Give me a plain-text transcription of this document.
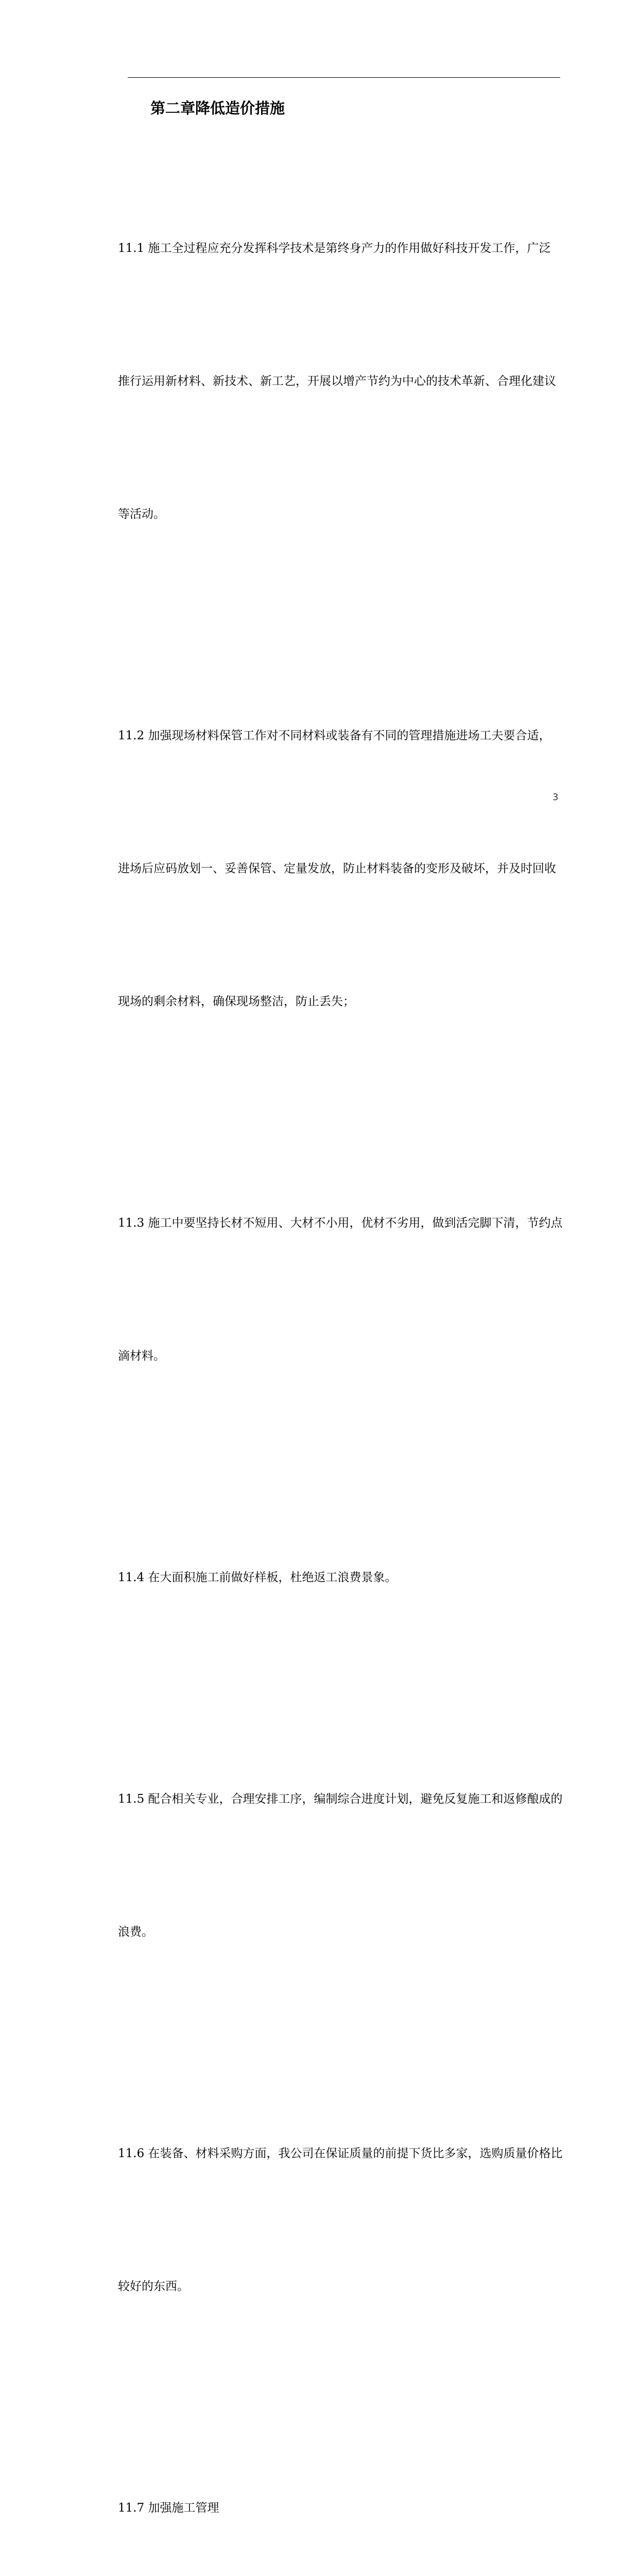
第二章降低造价措施

11.1 施工全过程应充分发挥科学技术是第终身产力的作用做好科技开发工作，广泛

推行运用新材料、新技术、新工艺，开展以增产节约为中心的技术革新、合理化建议

等活动。

11.2 加强现场材料保管工作对不同材料或装备有不同的管理措施进场工夫要合适，

进场后应码放划一、妥善保管、定量发放，防止材料装备的变形及破坏，并及时回收

现场的剩余材料，确保现场整洁，防止丢失；

11.3 施工中要坚持长材不短用、大材不小用，优材不劣用，做到活完脚下清，节约点

滴材料。

11.4 在大面积施工前做好样板，杜绝返工浪费景象。

11.5 配合相关专业，合理安排工序，编制综合进度计划，避免反复施工和返修酿成的

浪费。

11.6 在装备、材料采购方面，我公司在保证质量的前提下货比多家，选购质量价格比

较好的东西。

11.7 加强施工管理

3
